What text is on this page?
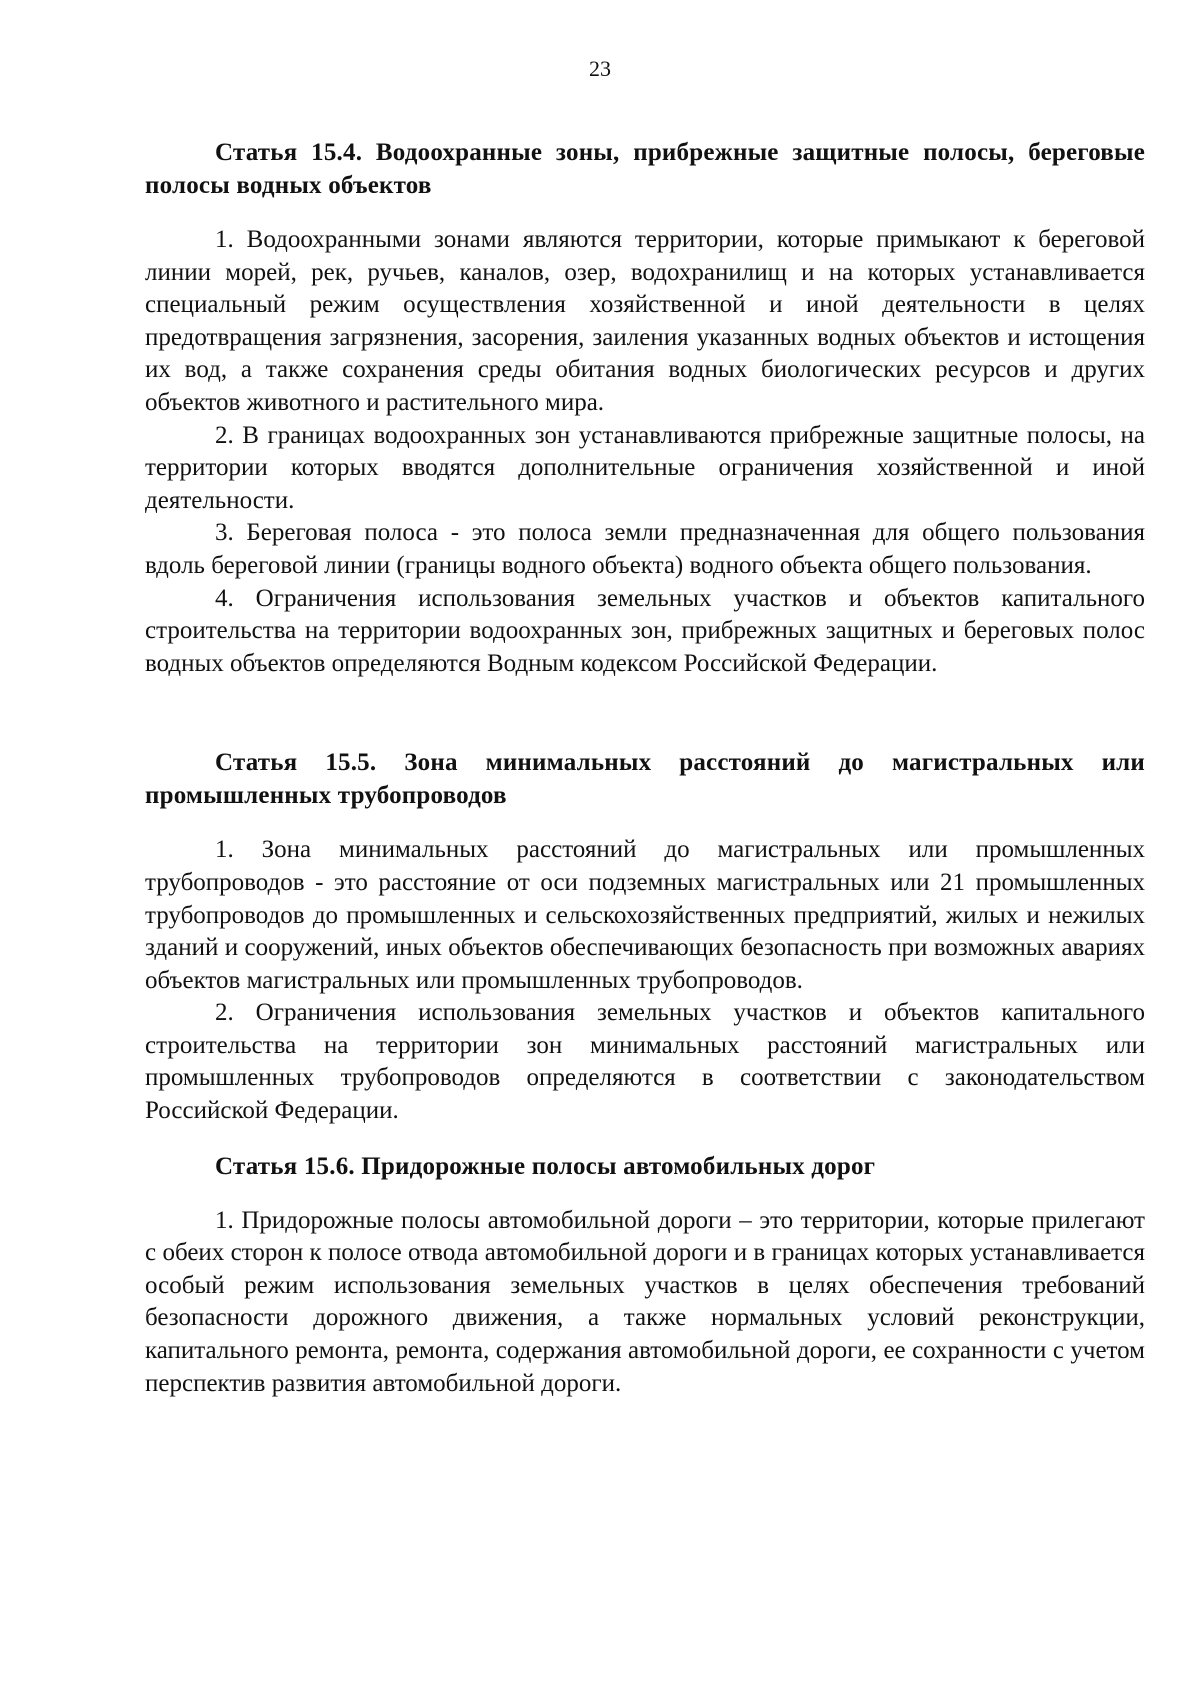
23
Статья 15.4. Водоохранные зоны, прибрежные защитные полосы, береговые полосы водных объектов

1. Водоохранными зонами являются территории, которые примыкают к береговой линии морей, рек, ручьев, каналов, озер, водохранилищ и на которых устанавливается специальный режим осуществления хозяйственной и иной деятельности в целях предотвращения загрязнения, засорения, заиления указанных водных объектов и истощения их вод, а также сохранения среды обитания водных биологических ресурсов и других объектов животного и растительного мира.

2. В границах водоохранных зон устанавливаются прибрежные защитные полосы, на территории которых вводятся дополнительные ограничения хозяйственной и иной деятельности.

3. Береговая полоса - это полоса земли предназначенная для общего пользования вдоль береговой линии (границы водного объекта) водного объекта общего пользования.

4. Ограничения использования земельных участков и объектов капитального строительства на территории водоохранных зон, прибрежных защитных и береговых полос водных объектов определяются Водным кодексом Российской Федерации.

Статья 15.5. Зона минимальных расстояний до магистральных или промышленных трубопроводов

1. Зона минимальных расстояний до магистральных или промышленных трубопроводов - это расстояние от оси подземных магистральных или 21 промышленных трубопроводов до промышленных и сельскохозяйственных предприятий, жилых и нежилых зданий и сооружений, иных объектов обеспечивающих безопасность при возможных авариях объектов магистральных или промышленных трубопроводов.

2. Ограничения использования земельных участков и объектов капитального строительства на территории зон минимальных расстояний магистральных или промышленных трубопроводов определяются в соответствии с законодательством Российской Федерации.

Статья 15.6. Придорожные полосы автомобильных дорог

1. Придорожные полосы автомобильной дороги – это территории, которые прилегают с обеих сторон к полосе отвода автомобильной дороги и в границах которых устанавливается особый режим использования земельных участков в целях обеспечения требований безопасности дорожного движения, а также нормальных условий реконструкции, капитального ремонта, ремонта, содержания автомобильной дороги, ее сохранности с учетом перспектив развития автомобильной дороги.
